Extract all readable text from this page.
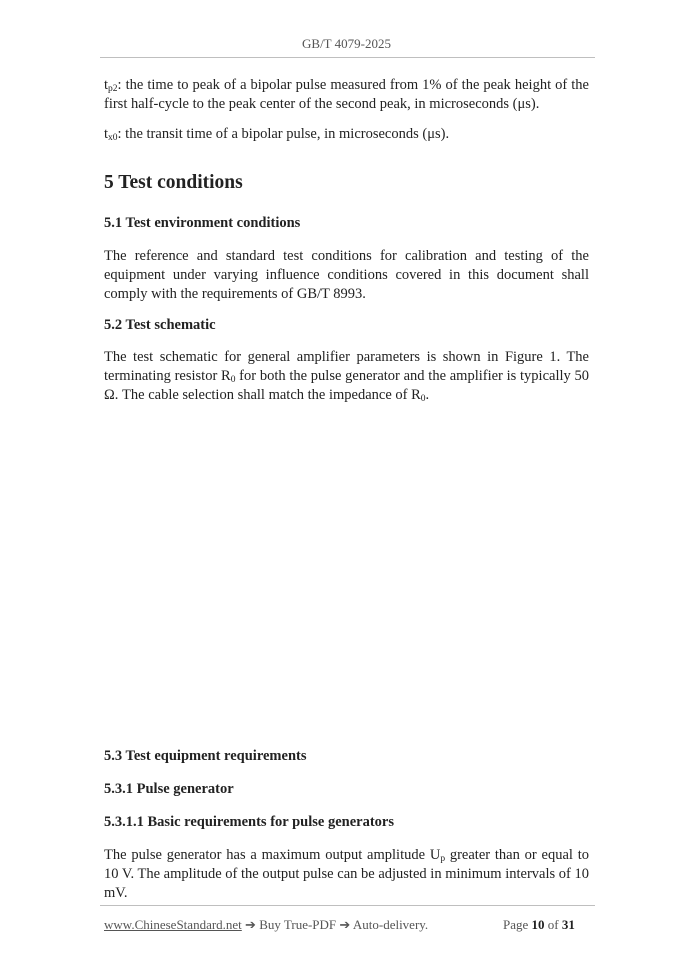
GB/T 4079-2025

$t_{p2}$: the time to peak of a bipolar pulse measured from 1% of the peak height of the first half-cycle to the peak center of the second peak, in microseconds (μs).

$t_{x0}$: the transit time of a bipolar pulse, in microseconds (μs).

5 Test conditions
5.1 Test environment conditions

The reference and standard test conditions for calibration and testing of the equipment under varying influence conditions covered in this document shall comply with the requirements of GB/T 8993.

5.2 Test schematic

The test schematic for general amplifier parameters is shown in Figure 1. The terminating resistor $R_0$ for both the pulse generator and the amplifier is typically 50 Ω. The cable selection shall match the impedance of $R_0$.

5.3 Test equipment requirements
5.3.1 Pulse generator
5.3.1.1 Basic requirements for pulse generators

The pulse generator has a maximum output amplitude $U_p$ greater than or equal to 10 V. The amplitude of the output pulse can be adjusted in minimum intervals of 10 mV.

www.ChineseStandard.net ➔ Buy True-PDF ➔ Auto-delivery.	Page 10 of 31
